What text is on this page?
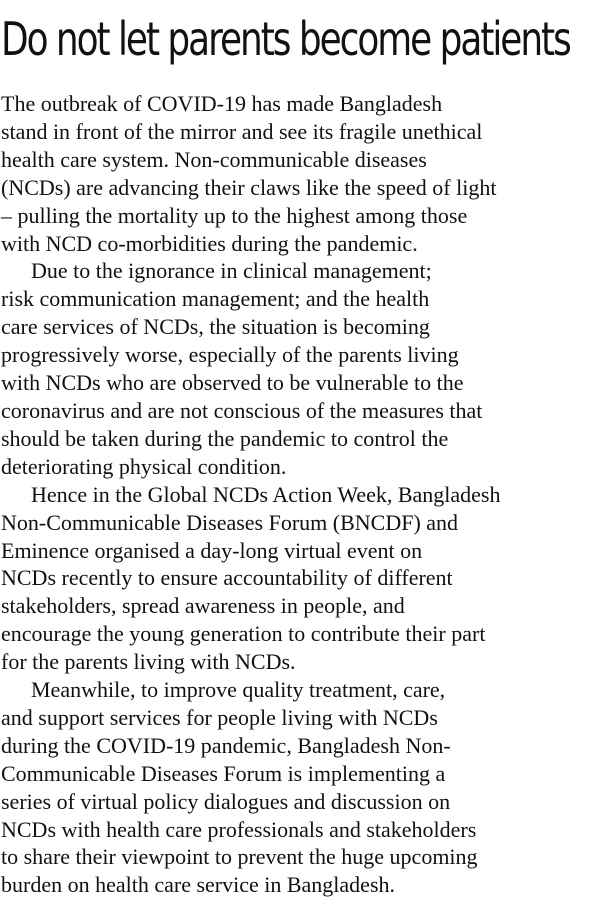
Do not let parents become patients

The outbreak of COVID-19 has made Bangladesh
stand in front of the mirror and see its fragile unethical
health care system. Non-communicable diseases
(NCDs) are advancing their claws like the speed of light
– pulling the mortality up to the highest among those
with NCD co-morbidities during the pandemic.

Due to the ignorance in clinical management;
risk communication management; and the health
care services of NCDs, the situation is becoming
progressively worse, especially of the parents living
with NCDs who are observed to be vulnerable to the
coronavirus and are not conscious of the measures that
should be taken during the pandemic to control the
deteriorating physical condition.

Hence in the Global NCDs Action Week, Bangladesh
Non-Communicable Diseases Forum (BNCDF) and
Eminence organised a day-long virtual event on
NCDs recently to ensure accountability of different
stakeholders, spread awareness in people, and
encourage the young generation to contribute their part
for the parents living with NCDs.

Meanwhile, to improve quality treatment, care,
and support services for people living with NCDs
during the COVID-19 pandemic, Bangladesh Non-
Communicable Diseases Forum is implementing a
series of virtual policy dialogues and discussion on
NCDs with health care professionals and stakeholders
to share their viewpoint to prevent the huge upcoming
burden on health care service in Bangladesh.
